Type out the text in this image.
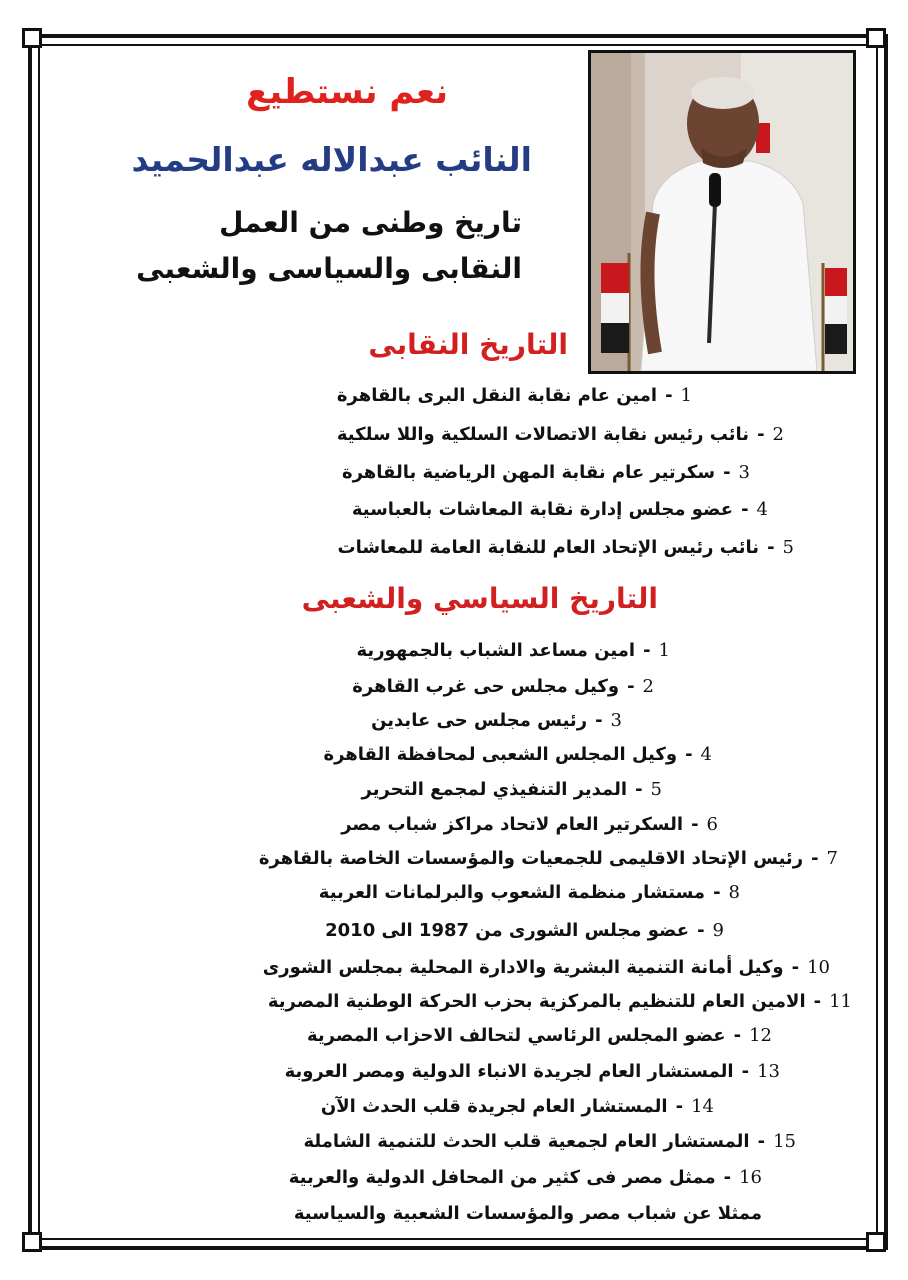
نعم نستطيع
النائب عبدالاله عبدالحميد
تاريخ وطنى من العمل
النقابى والسياسى والشعبى
التاريخ النقابى
1-امين عام نقابة النقل البرى بالقاهرة
2-نائب رئيس نقابة الاتصالات السلكية واللا سلكية
3-سكرتير عام نقابة المهن الرياضية بالقاهرة
4-عضو مجلس إدارة نقابة المعاشات بالعباسية
5-نائب رئيس الإتحاد العام للنقابة العامة للمعاشات
التاريخ السياسي والشعبى
1-امين مساعد الشباب بالجمهورية
2-وكيل مجلس حى غرب القاهرة
3-رئيس مجلس حى عابدين
4-وكيل المجلس الشعبى لمحافظة القاهرة
5-المدير التنفيذي لمجمع التحرير
6-السكرتير العام لاتحاد مراكز شباب مصر
7-رئيس الإتحاد الاقليمى للجمعيات والمؤسسات الخاصة بالقاهرة
8-مستشار منظمة الشعوب والبرلمانات العربية
9-عضو مجلس الشورى من 1987 الى 2010
10-وكيل أمانة التنمية البشرية والادارة المحلية بمجلس الشورى
11-الامين العام للتنظيم بالمركزية بحزب الحركة الوطنية المصرية
12-عضو المجلس الرئاسي لتحالف الاحزاب المصرية
13-المستشار العام لجريدة الانباء الدولية ومصر العروبة
14-المستشار العام لجريدة قلب الحدث الآن
15-المستشار العام لجمعية قلب الحدث للتنمية الشاملة
16-ممثل مصر فى كثير من المحافل الدولية والعربية
ممثلا عن شباب مصر والمؤسسات الشعبية والسياسية
